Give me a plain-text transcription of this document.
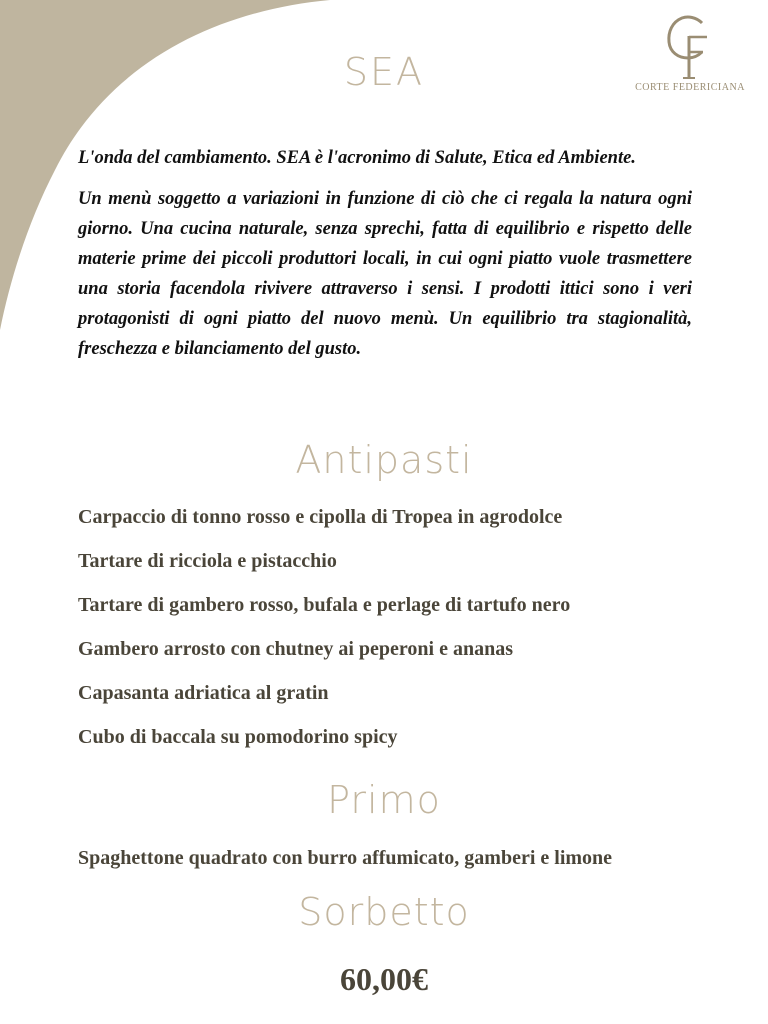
SEA	CORTE FEDERICIANA

L'onda del cambiamento. SEA è l'acronimo di Salute, Etica ed Ambiente.

Un menù soggetto a variazioni in funzione di ciò che ci regala la natura ogni giorno. Una cucina naturale, senza sprechi, fatta di equilibrio e rispetto delle materie prime dei piccoli produttori locali, in cui ogni piatto vuole trasmettere una storia facendola rivivere attraverso i sensi. I prodotti ittici sono i veri protagonisti di ogni piatto del nuovo menù. Un equilibrio tra stagionalità, freschezza e bilanciamento del gusto.

Antipasti
Carpaccio di tonno rosso e cipolla di Tropea in agrodolce
Tartare di ricciola e pistacchio
Tartare di gambero rosso, bufala e perlage di tartufo nero
Gambero arrosto con chutney ai peperoni e ananas
Capasanta adriatica al gratin
Cubo di baccala su pomodorino spicy
Primo
Spaghettone quadrato con burro affumicato, gamberi e limone
Sorbetto
60,00€
